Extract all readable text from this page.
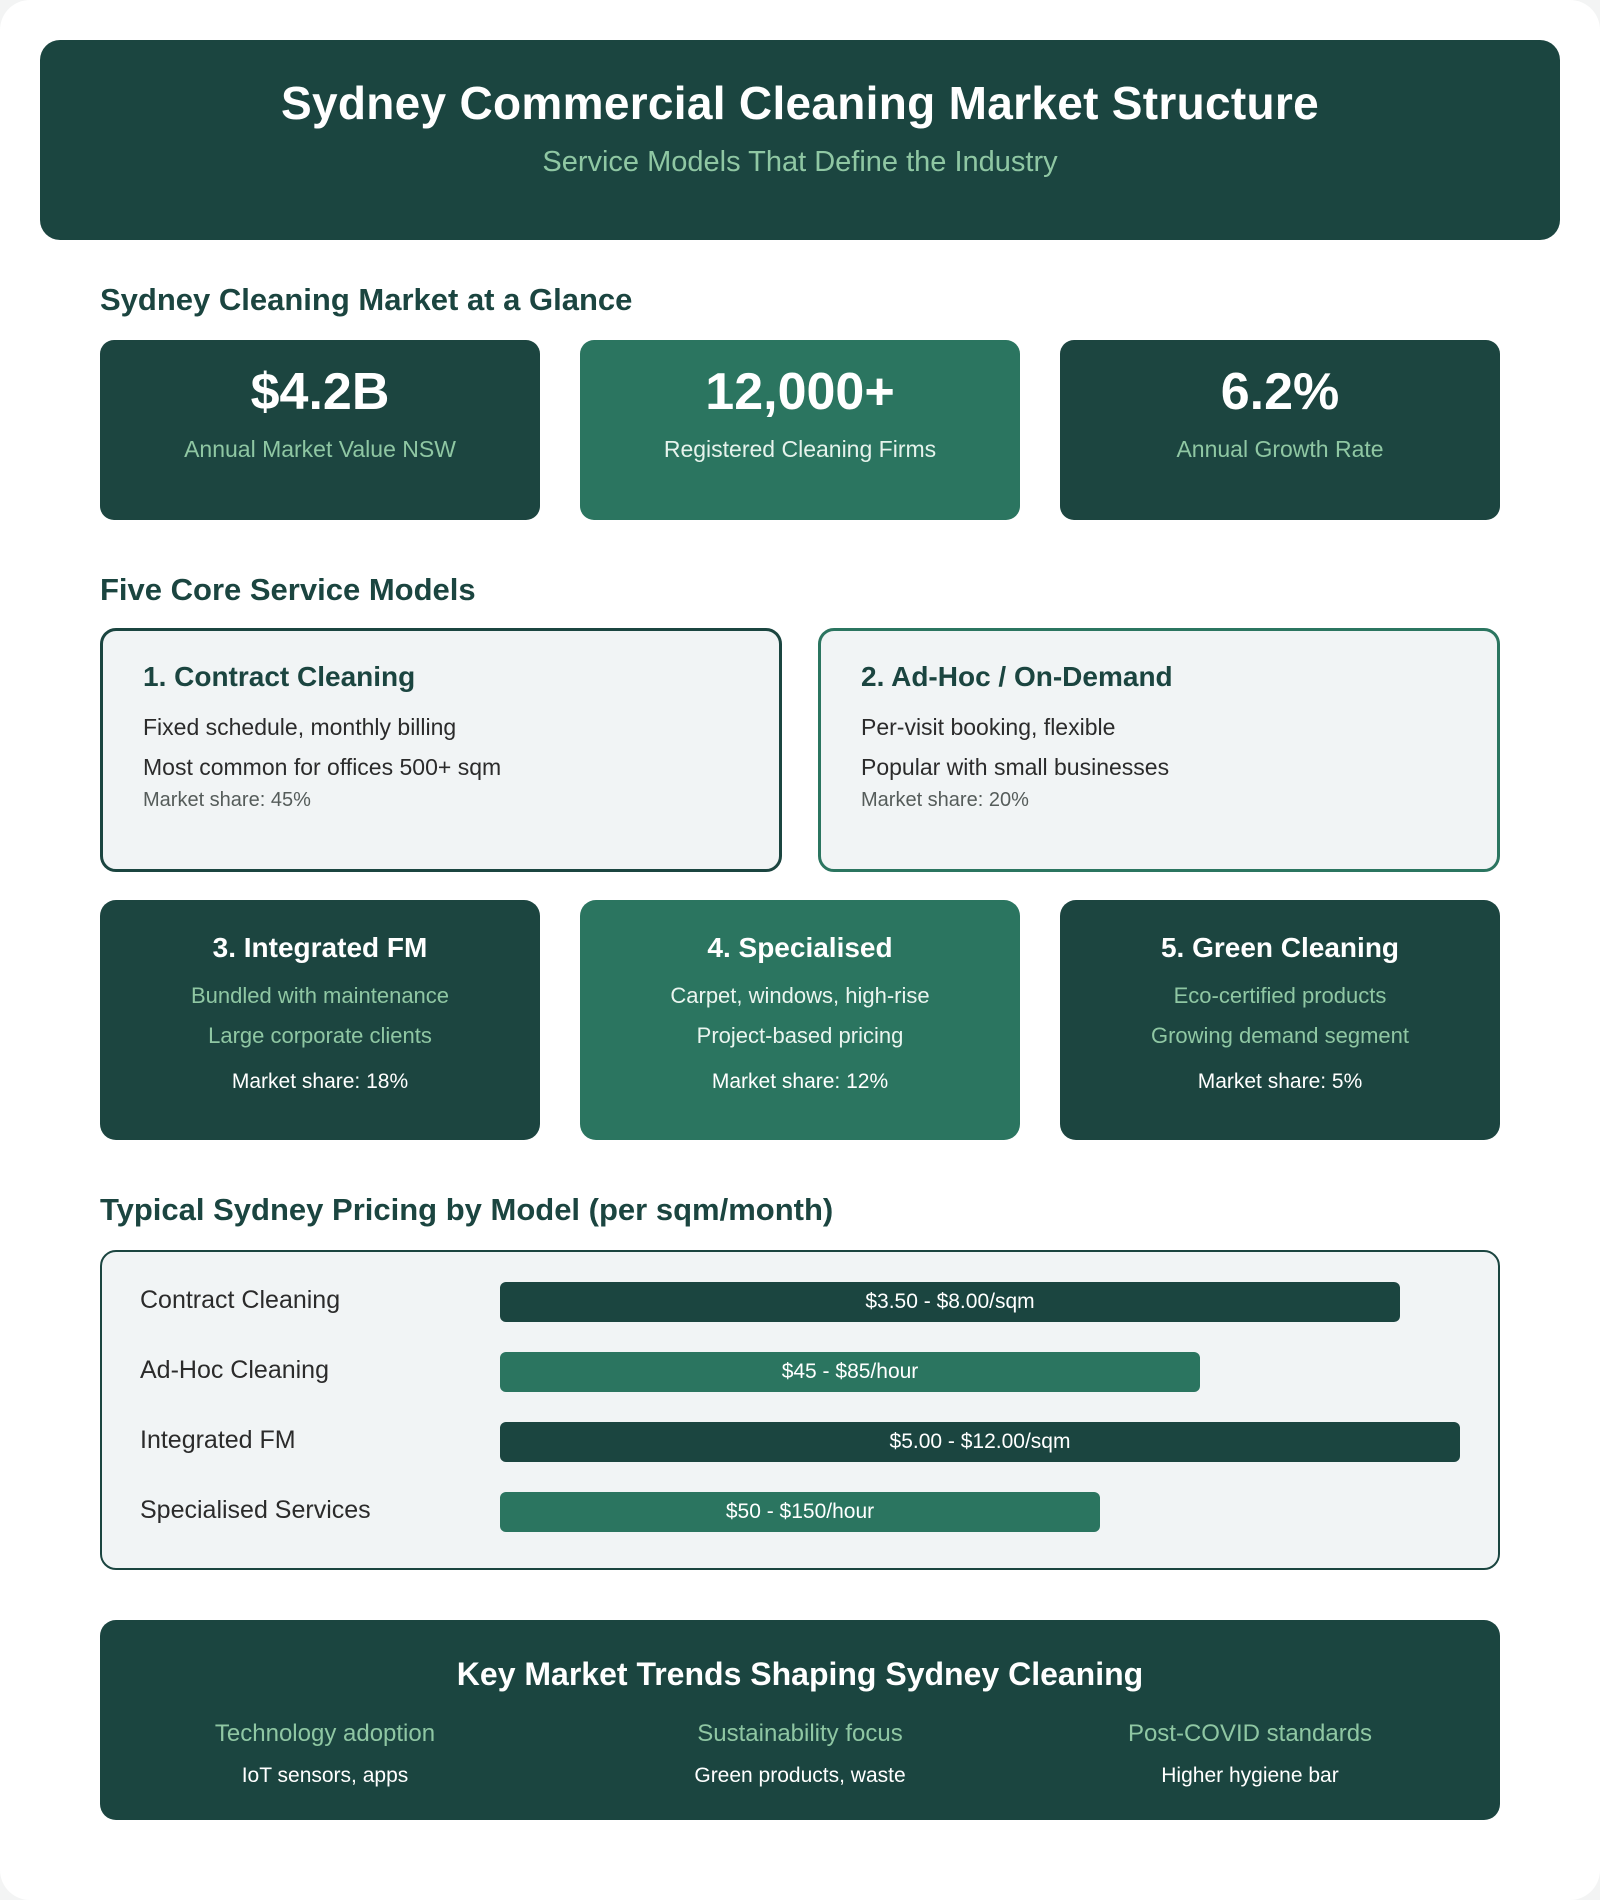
Sydney Commercial Cleaning Market Structure
Service Models That Define the Industry
Sydney Cleaning Market at a Glance
$4.2B
Annual Market Value NSW
12,000+
Registered Cleaning Firms
6.2%
Annual Growth Rate
Five Core Service Models
1. Contract Cleaning
Fixed schedule, monthly billing
Most common for offices 500+ sqm
Market share: 45%
2. Ad-Hoc / On-Demand
Per-visit booking, flexible
Popular with small businesses
Market share: 20%
3. Integrated FM
Bundled with maintenance
Large corporate clients
Market share: 18%
4. Specialised
Carpet, windows, high-rise
Project-based pricing
Market share: 12%
5. Green Cleaning
Eco-certified products
Growing demand segment
Market share: 5%
Typical Sydney Pricing by Model (per sqm/month)
Contract Cleaning	$3.50 - $8.00/sqm
Ad-Hoc Cleaning	$45 - $85/hour
Integrated FM	$5.00 - $12.00/sqm
Specialised Services	$50 - $150/hour
Key Market Trends Shaping Sydney Cleaning
Technology adoption
IoT sensors, apps
Sustainability focus
Green products, waste
Post-COVID standards
Higher hygiene bar
